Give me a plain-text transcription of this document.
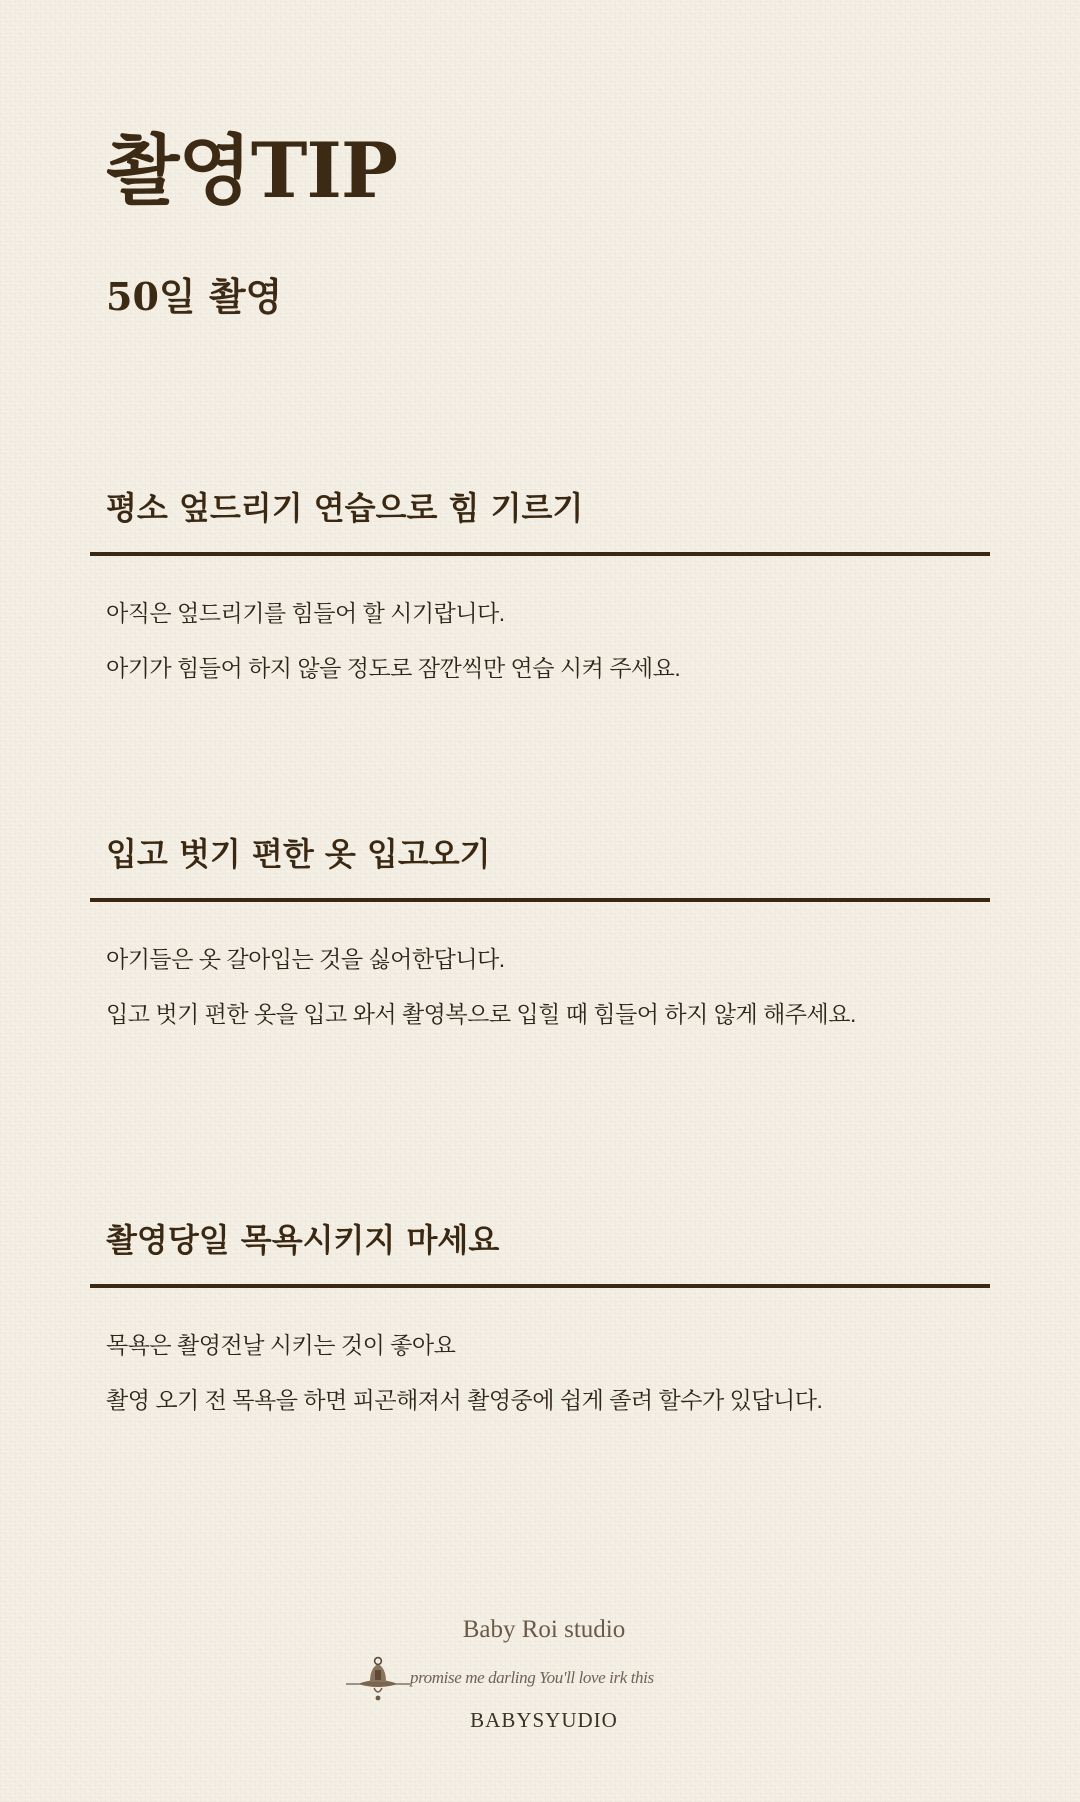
촬영TIP
50일 촬영
평소 엎드리기 연습으로 힘 기르기

아직은 엎드리기를 힘들어 할 시기랍니다.

아기가 힘들어 하지 않을 정도로 잠깐씩만 연습 시켜 주세요.

입고 벗기 편한 옷 입고오기

아기들은 옷 갈아입는 것을 싫어한답니다.

입고 벗기 편한 옷을 입고 와서 촬영복으로 입힐 때 힘들어 하지 않게 해주세요.

촬영당일 목욕시키지 마세요

목욕은 촬영전날 시키는 것이 좋아요

촬영 오기 전 목욕을 하면 피곤해져서 촬영중에 쉽게 졸려 할수가 있답니다.

Baby Roi studio

promise me darling You'll love irk this

BABYSYUDIO
